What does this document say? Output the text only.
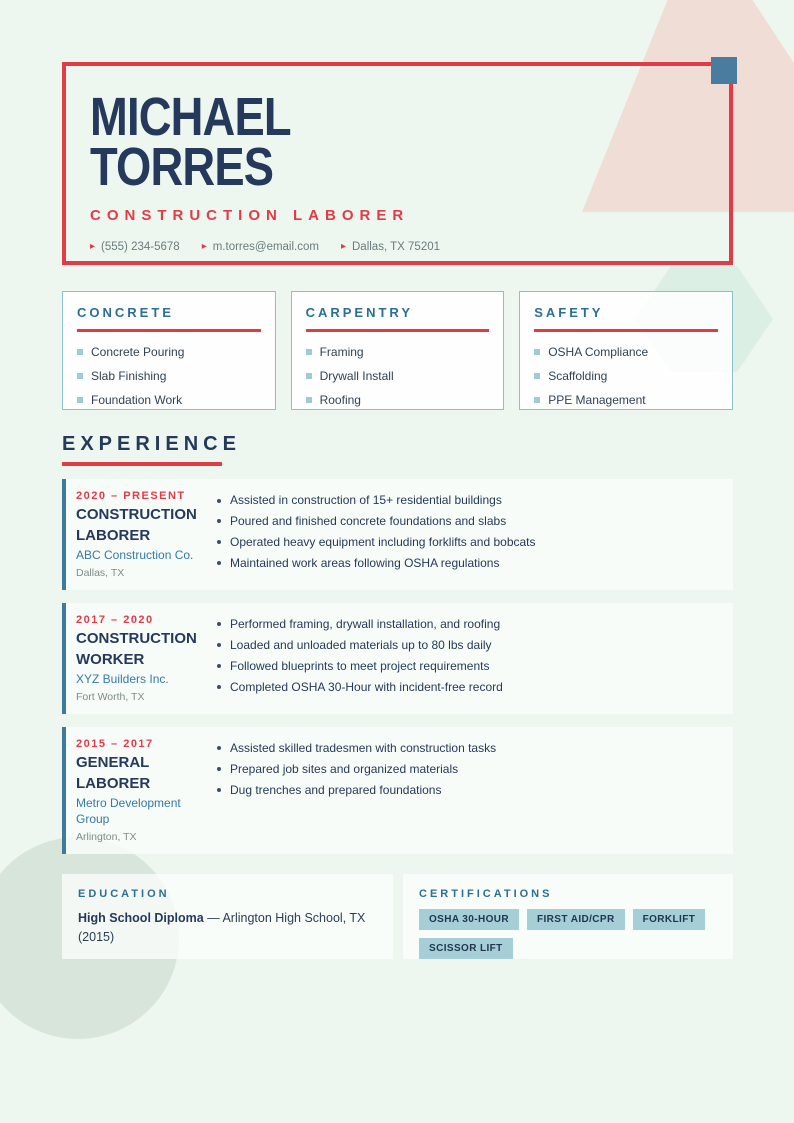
MICHAEL
TORRES
CONSTRUCTION LABORER
▸ (555) 234-5678 ▸ m.torres@email.com ▸ Dallas, TX 75201
CONCRETE
Concrete Pouring
Slab Finishing
Foundation Work
CARPENTRY
Framing
Drywall Install
Roofing
SAFETY
OSHA Compliance
Scaffolding
PPE Management
EXPERIENCE
2020 – PRESENT
CONSTRUCTION LABORER
ABC Construction Co.
Dallas, TX
Assisted in construction of 15+ residential buildings
Poured and finished concrete foundations and slabs
Operated heavy equipment including forklifts and bobcats
Maintained work areas following OSHA regulations
2017 – 2020
CONSTRUCTION WORKER
XYZ Builders Inc.
Fort Worth, TX
Performed framing, drywall installation, and roofing
Loaded and unloaded materials up to 80 lbs daily
Followed blueprints to meet project requirements
Completed OSHA 30-Hour with incident-free record
2015 – 2017
GENERAL LABORER
Metro Development Group
Arlington, TX
Assisted skilled tradesmen with construction tasks
Prepared job sites and organized materials
Dug trenches and prepared foundations
EDUCATION

High School Diploma — Arlington High School, TX (2015)

CERTIFICATIONS
OSHA 30-HOUR	FIRST AID/CPR	FORKLIFT
SCISSOR LIFT
